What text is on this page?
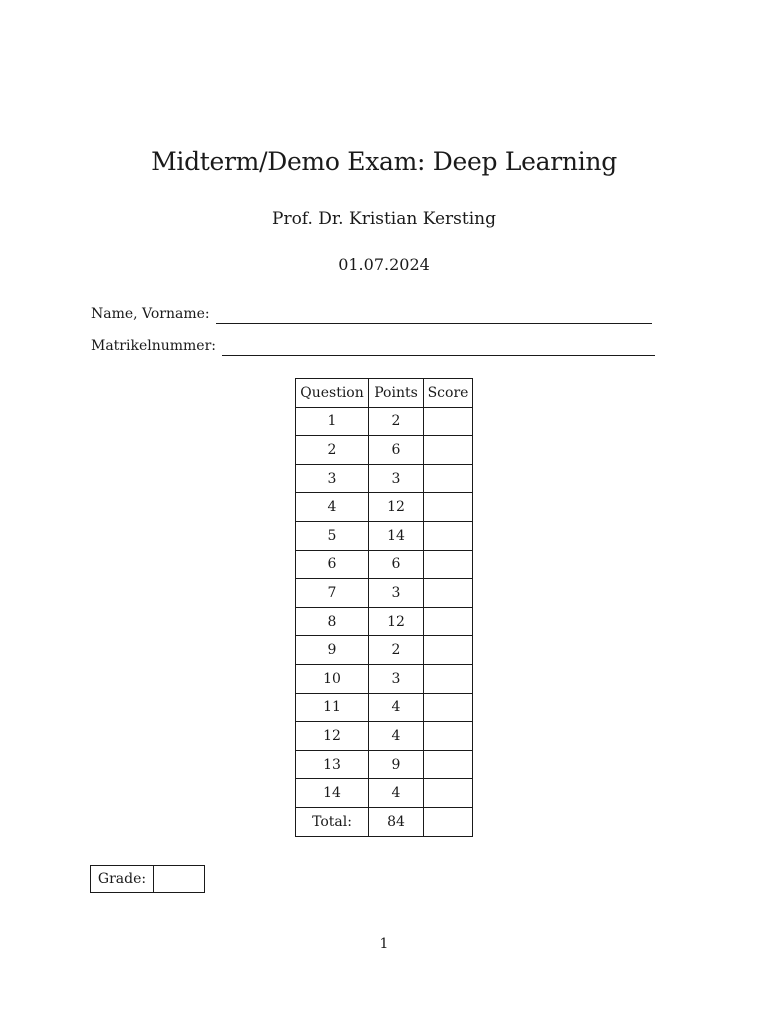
Midterm/Demo Exam: Deep Learning
Prof. Dr. Kristian Kersting
01.07.2024
Name, Vorname:
Matrikelnummer:
Question	Points	Score
1	2	
2	6	
3	3	
4	12	
5	14	
6	6	
7	3	
8	12	
9	2	
10	3	
11	4	
12	4	
13	9	
14	4	
Total:	84	
Grade:	
1
